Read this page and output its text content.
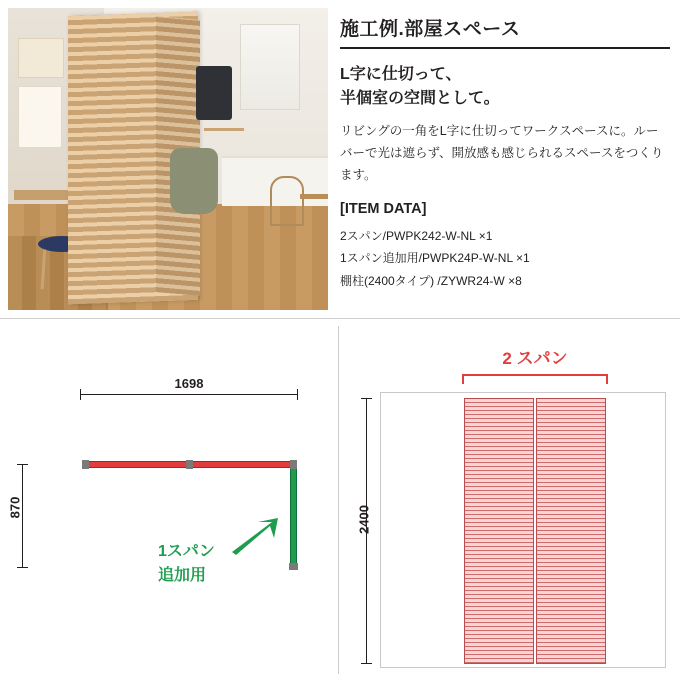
施工例.部屋スペース
L字に仕切って、
半個室の空間として。
リビングの一角をL字に仕切ってワークスペースに。ルーバーで光は遮らず、開放感も感じられるスペースをつくります。
[ITEM DATA]
2スパン/PWPK242-W-NL ×1
1スパン追加用/PWPK24P-W-NL ×1
棚柱(2400タイプ) /ZYWR24-W ×8
1698
870
1スパン
追加用
2 スパン
2400
